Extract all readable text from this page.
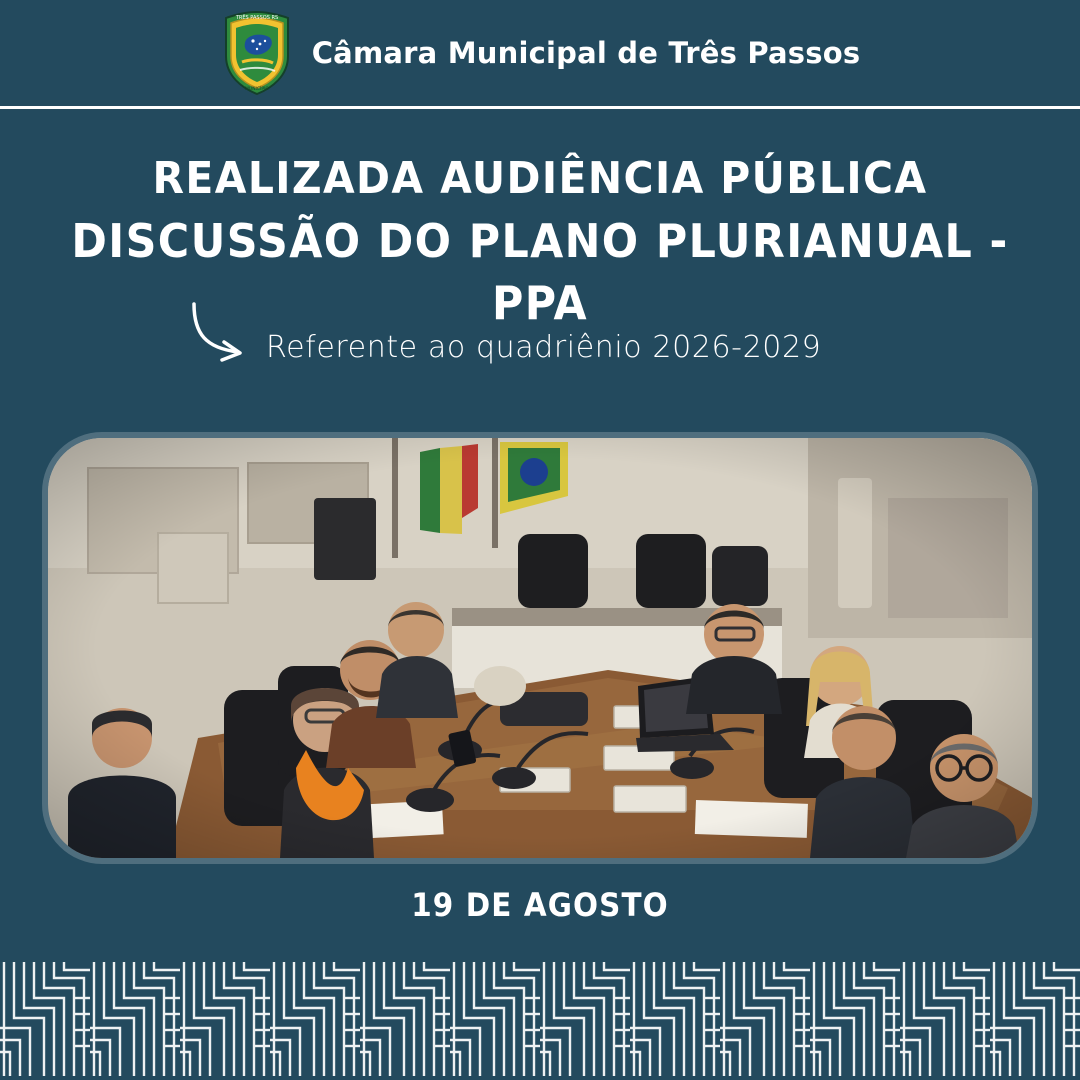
TRÊS PASSOS RS
MUNICÍPIO
Câmara Municipal de Três Passos
REALIZADA AUDIÊNCIA PÚBLICA
DISCUSSÃO DO PLANO PLURIANUAL - PPA
Referente ao quadriênio 2026-2029
19 DE AGOSTO
